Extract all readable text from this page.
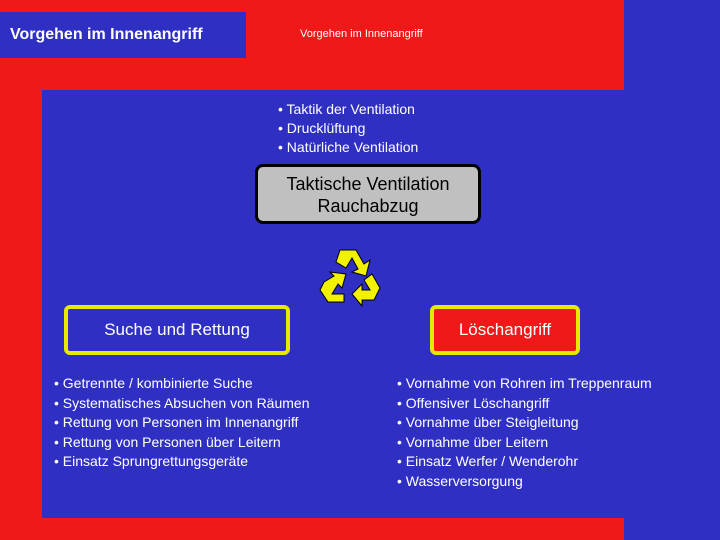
Vorgehen im Innenangriff	Vorgehen im Innenangriff
• Taktik der Ventilation
• Drucklüftung
• Natürliche Ventilation
Taktische Ventilation
Rauchabzug
Suche und Rettung	Löschangriff
• Getrennte / kombinierte Suche
• Systematisches Absuchen von Räumen
• Rettung von Personen im Innenangriff
• Rettung von Personen über Leitern
• Einsatz Sprungrettungsgeräte
• Vornahme von Rohren im Treppenraum
• Offensiver Löschangriff
• Vornahme über Steigleitung
• Vornahme über Leitern
• Einsatz Werfer / Wenderohr
• Wasserversorgung
